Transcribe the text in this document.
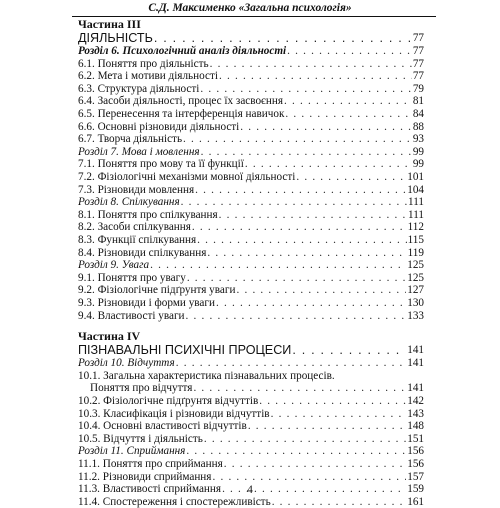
С.Д. Максименко «Загальна психологія»
Частина ІІІ
ДІЯЛЬНІСТЬ . . .	77
Розділ 6. Психологічний аналіз діяльності . . .	77
6.1. Поняття про діяльність . . .	77
6.2. Мета і мотиви діяльності . . .	77
6.3. Структура діяльності . . .	79
6.4. Засоби діяльності, процес їх засвоєння . . .	81
6.5. Перенесення та інтерференція навичок . . .	84
6.6. Основні різновиди діяльності . . .	88
6.7. Творча діяльність . . .	93
Розділ 7. Мова і мовлення . . .	99
7.1. Поняття про мову та її функції . . .	99
7.2. Фізіологічні механізми мовної діяльності . . .	101
7.3. Різновиди мовлення . . .	104
Розділ 8. Спілкування . . .	111
8.1. Поняття про спілкування . . .	111
8.2. Засоби спілкування . . .	112
8.3. Функції спілкування . . .	115
8.4. Різновиди спілкування . . .	119
Розділ 9. Увага . . .	125
9.1. Поняття про увагу . . .	125
9.2. Фізіологічне підґрунтя уваги . . .	127
9.3. Різновиди і форми уваги . . .	130
9.4. Властивості уваги . . .	133
Частина IV
ПІЗНАВАЛЬНІ ПСИХІЧНІ ПРОЦЕСИ . . .	141
Розділ 10. Відчуття . . .	141
10.1. Загальна характеристика пізнавальних процесів.
Поняття про відчуття . . .	141
10.2. Фізіологічне підґрунтя відчуттів . . .	142
10.3. Класифікація і різновиди відчуттів . . .	143
10.4. Основні властивості відчуттів . . .	148
10.5. Відчуття і діяльність . . .	151
Розділ 11. Сприймання . . .	156
11.1. Поняття про сприймання . . .	156
11.2. Різновиди сприймання . . .	157
11.3. Властивості сприймання . . .	159
11.4. Спостереження і спостережливість . . .	161
4
